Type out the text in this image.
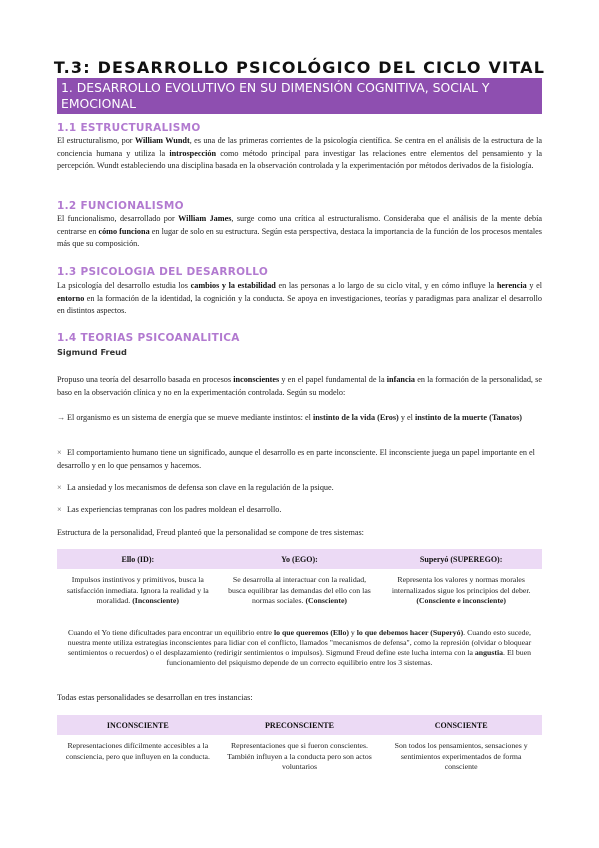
T.3: DESARROLLO PSICOLÓGICO DEL CICLO VITAL
1. DESARROLLO EVOLUTIVO EN SU DIMENSIÓN COGNITIVA, SOCIAL Y EMOCIONAL
1.1 ESTRUCTURALISMO
El estructuralismo, por William Wundt, es una de las primeras corrientes de la psicología científica. Se centra en el análisis de la estructura de la conciencia humana y utiliza la introspección como método principal para investigar las relaciones entre elementos del pensamiento y la percepción. Wundt estableciendo una disciplina basada en la observación controlada y la experimentación por métodos derivados de la fisiología.
1.2 FUNCIONALISMO
El funcionalismo, desarrollado por William James, surge como una crítica al estructuralismo. Consideraba que el análisis de la mente debía centrarse en cómo funciona en lugar de solo en su estructura. Según esta perspectiva, destaca la importancia de la función de los procesos mentales más que su composición.
1.3 PSICOLOGIA DEL DESARROLLO
La psicología del desarrollo estudia los cambios y la estabilidad en las personas a lo largo de su ciclo vital, y en cómo influye la herencia y el entorno en la formación de la identidad, la cognición y la conducta. Se apoya en investigaciones, teorías y paradigmas para analizar el desarrollo en distintos aspectos.
1.4 TEORIAS PSICOANALITICA
Sigmund Freud
Propuso una teoría del desarrollo basada en procesos inconscientes y en el papel fundamental de la infancia en la formación de la personalidad, se baso en la observación clínica y no en la experimentación controlada. Según su modelo:
→ El organismo es un sistema de energía que se mueve mediante instintos: el instinto de la vida (Eros) y el instinto de la muerte (Tanatos)
× El comportamiento humano tiene un significado, aunque el desarrollo es en parte inconsciente. El inconsciente juega un papel importante en el desarrollo y en lo que pensamos y hacemos.
× La ansiedad y los mecanismos de defensa son clave en la regulación de la psique.
× Las experiencias tempranas con los padres moldean el desarrollo.
Estructura de la personalidad, Freud planteó que la personalidad se compone de tres sistemas:
Ello (ID):	Yo (EGO):	Superyó (SUPEREGO):
Impulsos instintivos y primitivos, busca la satisfacción inmediata. Ignora la realidad y la moralidad. (Inconsciente)	Se desarrolla al interactuar con la realidad, busca equilibrar las demandas del ello con las normas sociales. (Consciente)	Representa los valores y normas morales internalizados sigue los principios del deber. (Consciente e inconsciente)
Cuando el Yo tiene dificultades para encontrar un equilibrio entre lo que queremos (Ello) y lo que debemos hacer (Superyó). Cuando esto sucede, nuestra mente utiliza estrategias inconscientes para lidiar con el conflicto, llamados "mecanismos de defensa", como la represión (olvidar o bloquear sentimientos o recuerdos) o el desplazamiento (redirigir sentimientos o impulsos). Sigmund Freud define este lucha interna con la angustia. El buen funcionamiento del psiquismo depende de un correcto equilibrio entre los 3 sistemas.
Todas estas personalidades se desarrollan en tres instancias:
INCONSCIENTE	PRECONSCIENTE	CONSCIENTE
Representaciones difícilmente accesibles a la consciencia, pero que influyen en la conducta.	Representaciones que si fueron conscientes. También influyen a la conducta pero son actos voluntarios	Son todos los pensamientos, sensaciones y sentimientos experimentados de forma consciente
